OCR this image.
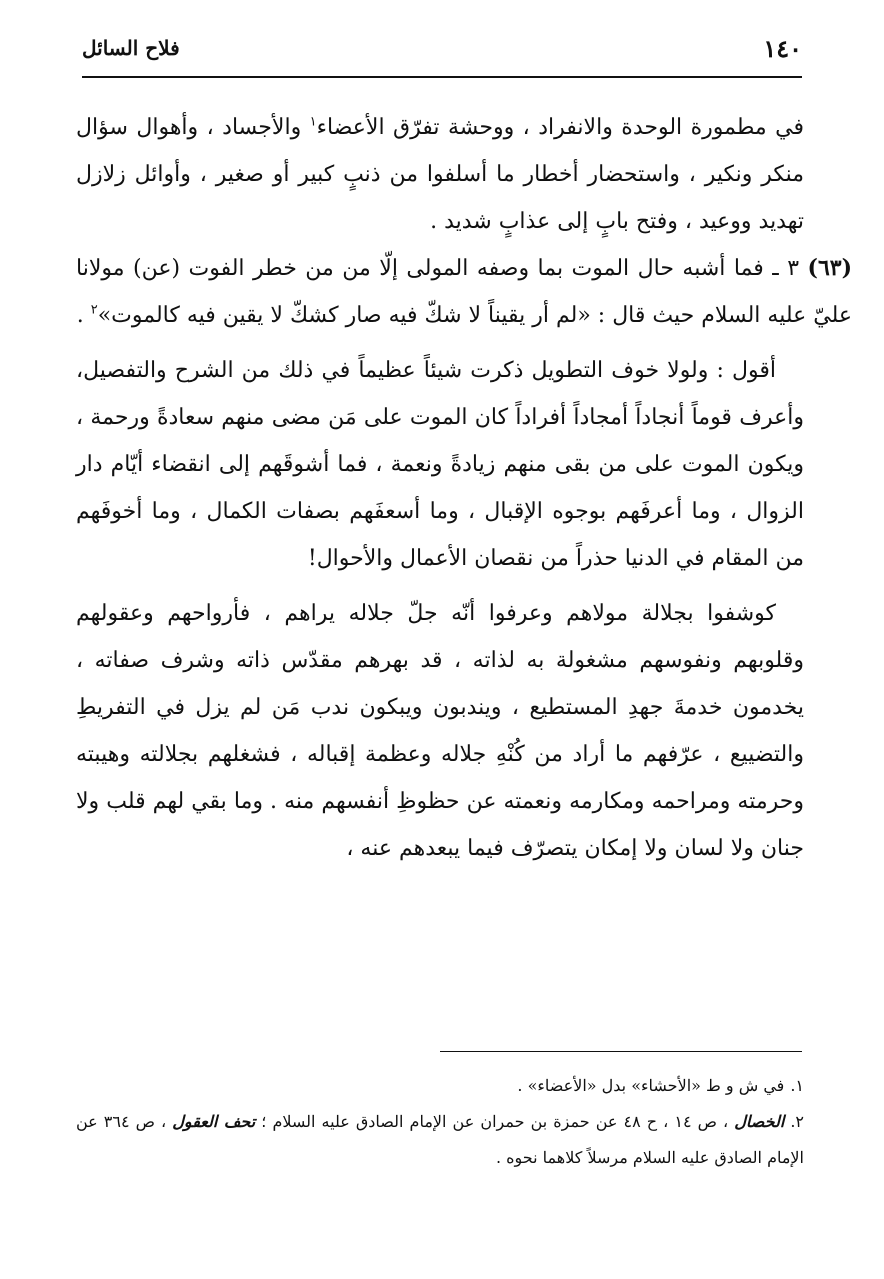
١٤٠
فلاح السائل

في مطمورة الوحدة والانفراد ، ووحشة تفرّق الأعضاء$^١$ والأجساد ، وأهوال سؤال منكر ونكير ، واستحضار أخطار ما أسلفوا من ذنبٍ كبير أو صغير ، وأوائل زلازل تهديد ووعيد ، وفتح بابٍ إلى عذابٍ شديد .

(٦٣) ٣ ـ فما أشبه حال الموت بما وصفه المولى إلّا من من خطر الفوت (عن) مولانا عليّ عليه السلام حيث قال : «لم أر يقيناً لا شكّ فيه صار كشكّ لا يقين فيه كالموت»$^٢$ .

أقول : ولولا خوف التطويل ذكرت شيئاً عظيماً في ذلك من الشرح والتفصيل، وأعرف قوماً أنجاداً أمجاداً أفراداً كان الموت على مَن مضى منهم سعادةً ورحمة ، ويكون الموت على من بقى منهم زيادةً ونعمة ، فما أشوقَهم إلى انقضاء أيّام دار الزوال ، وما أعرفَهم بوجوه الإقبال ، وما أسعفَهم بصفات الكمال ، وما أخوفَهم من المقام في الدنيا حذراً من نقصان الأعمال والأحوال!

كوشفوا بجلالة مولاهم وعرفوا أنّه جلّ جلاله يراهم ، فأرواحهم وعقولهم وقلوبهم ونفوسهم مشغولة به لذاته ، قد بهرهم مقدّس ذاته وشرف صفاته ، يخدمون خدمةَ جهدِ المستطيع ، ويندبون ويبكون ندب مَن لم يزل في التفريطِ والتضييع ، عرّفهم ما أراد من كُنْهِ جلاله وعظمة إقباله ، فشغلهم بجلالته وهيبته وحرمته ومراحمه ومكارمه ونعمته عن حظوظِ أنفسهم منه . وما بقي لهم قلب ولا جنان ولا لسان ولا إمكان يتصرّف فيما يبعدهم عنه ،

١.في ش و ط «الأحشاء» بدل «الأعضاء» .

٢.الخصال ، ص ١٤ ، ح ٤٨ عن حمزة بن حمران عن الإمام الصادق عليه السلام ؛ تحف العقول ، ص ٣٦٤ عن الإمام الصادق عليه السلام مرسلاً كلاهما نحوه .
